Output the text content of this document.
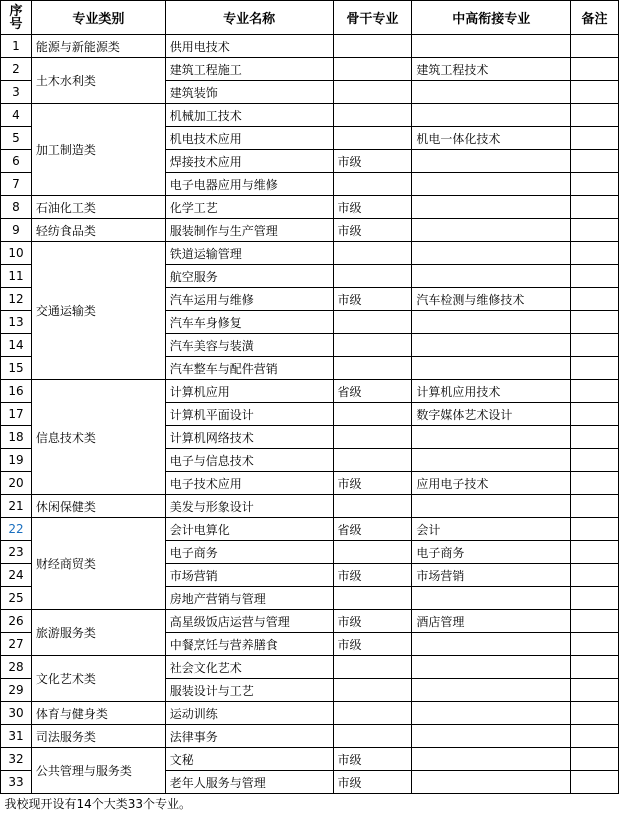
序
号	专业类别	专业名称	骨干专业	中高衔接专业	备注
1	能源与新能源类	供用电技术			
2	土木水利类	建筑工程施工		建筑工程技术	
3		建筑装饰			
4	加工制造类	机械加工技术			
5		机电技术应用		机电一体化技术	
6		焊接技术应用	市级		
7		电子电器应用与维修			
8	石油化工类	化学工艺	市级		
9	轻纺食品类	服装制作与生产管理	市级		
10	交通运输类	铁道运输管理			
11		航空服务			
12		汽车运用与维修	市级	汽车检测与维修技术	
13		汽车车身修复			
14		汽车美容与装潢			
15		汽车整车与配件营销			
16	信息技术类	计算机应用	省级	计算机应用技术	
17		计算机平面设计		数字媒体艺术设计	
18		计算机网络技术			
19		电子与信息技术			
20		电子技术应用	市级	应用电子技术	
21	休闲保健类	美发与形象设计			
22	财经商贸类	会计电算化	省级	会计	
23		电子商务		电子商务	
24		市场营销	市级	市场营销	
25		房地产营销与管理			
26	旅游服务类	高星级饭店运营与管理	市级	酒店管理	
27		中餐烹饪与营养膳食	市级		
28	文化艺术类	社会文化艺术			
29		服装设计与工艺			
30	体育与健身类	运动训练			
31	司法服务类	法律事务			
32	公共管理与服务类	文秘	市级		
33		老年人服务与管理	市级		
我校现开设有14个大类33个专业。					
